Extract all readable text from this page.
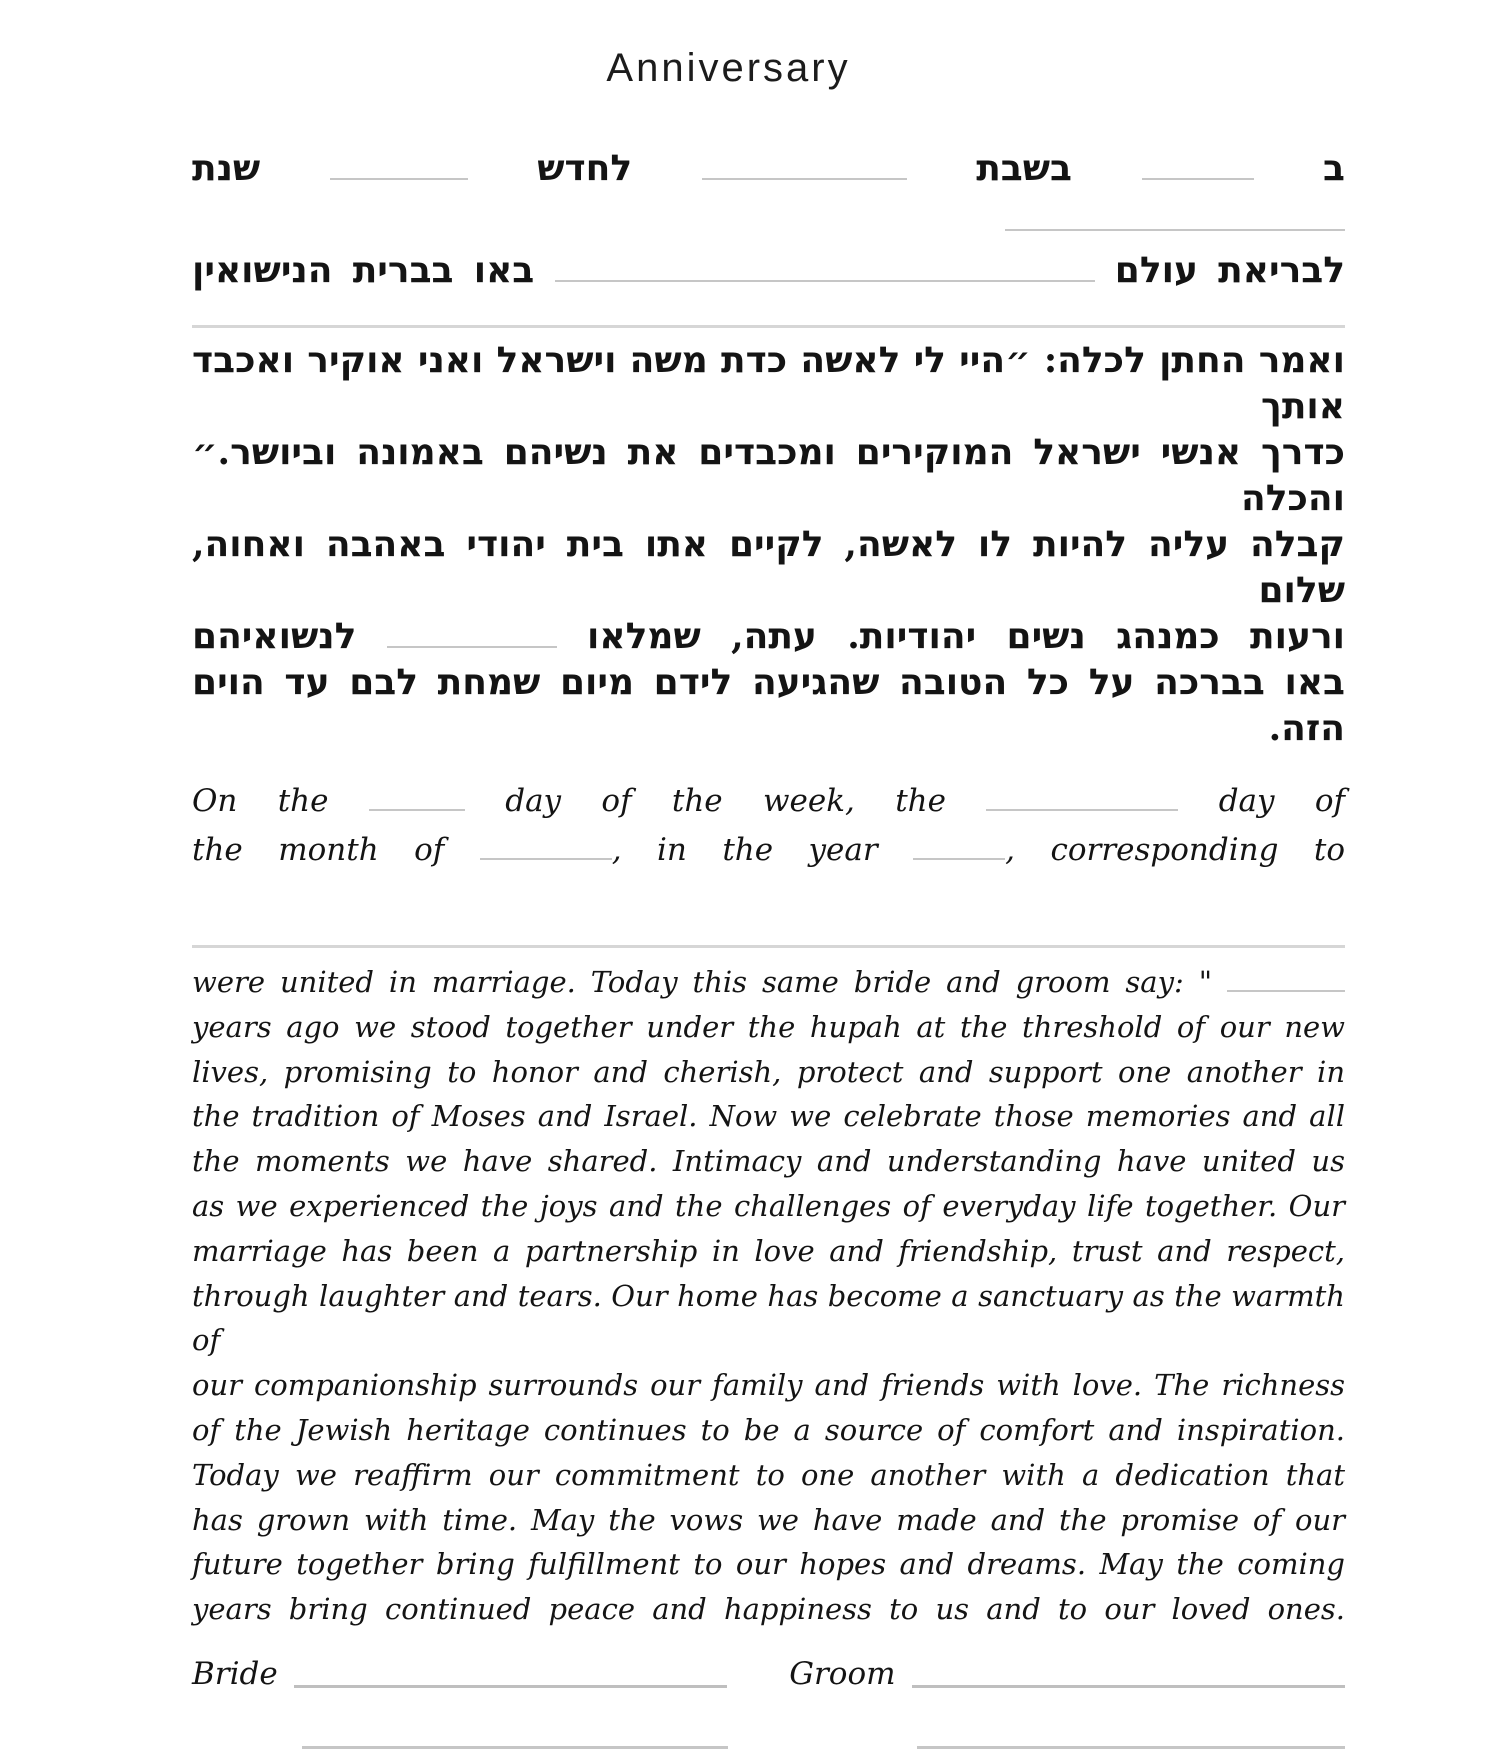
Anniversary
ב  בשבת  לחדש  שנת
לבריאת עולם  באו בברית הנישואין
ואמר החתן לכלה: ״היי לי לאשה כדת משה וישראל ואני אוקיר ואכבד אותך
כדרך אנשי ישראל המוקירים ומכבדים את נשיהם באמונה וביושר.״ והכלה
קבלה עליה להיות לו לאשה, לקיים אתו בית יהודי באהבה ואחוה, שלום
ורעות כמנהג נשים יהודיות. עתה, שמלאו  לנשואיהם
באו בברכה על כל הטובה שהגיעה לידם מיום שמחת לבם עד הוים הזה.
On the	day of the week, the	day of
the month of	, in the year	, corresponding to
were united in marriage. Today this same bride and groom say: "
years ago we stood together under the hupah at the threshold of our new
lives, promising to honor and cherish, protect and support one another in
the tradition of Moses and Israel. Now we celebrate those memories and all
the moments we have shared. Intimacy and understanding have united us
as we experienced the joys and the challenges of everyday life together. Our
marriage has been a partnership in love and friendship, trust and respect,
through laughter and tears. Our home has become a sanctuary as the warmth of
our companionship surrounds our family and friends with love. The richness
of the Jewish heritage continues to be a source of comfort and inspiration.
Today we reaffirm our commitment to one another with a dedication that
has grown with time. May the vows we have made and the promise of our
future together bring fulfillment to our hopes and dreams. May the coming
years bring continued peace and happiness to us and to our loved ones.
Bride	Groom
